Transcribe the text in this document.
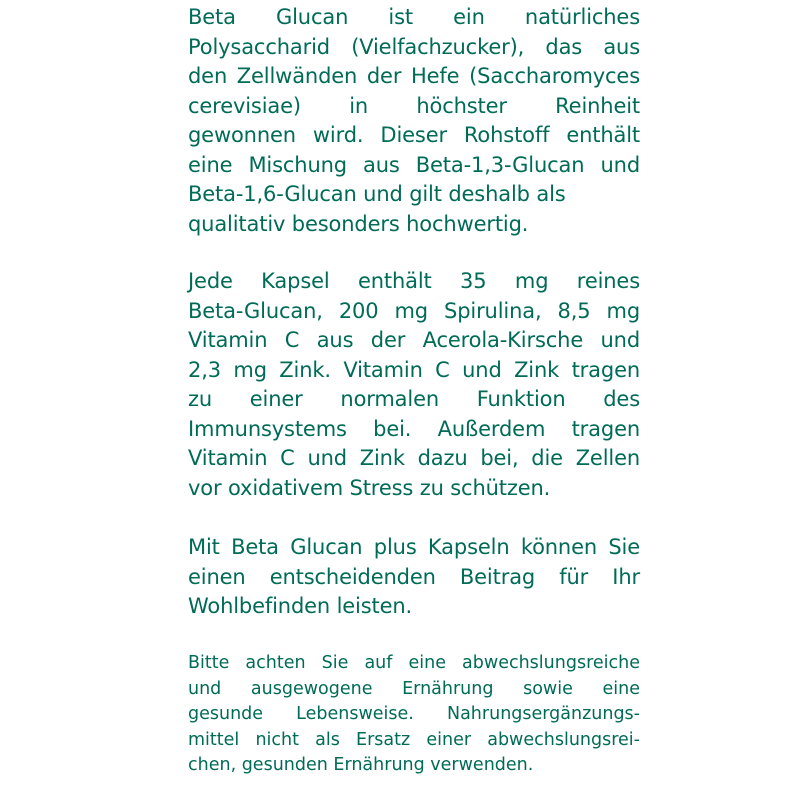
Beta Glucan ist ein natürliches
Polysaccharid (Vielfachzucker), das aus
den Zellwänden der Hefe (Saccharomyces
cerevisiae) in höchster Reinheit
gewonnen wird. Dieser Rohstoff enthält
eine Mischung aus Beta-1,3-Glucan und
Beta-1,6-Glucan und gilt deshalb als
qualitativ besonders hochwertig.
Jede Kapsel enthält 35 mg reines
Beta-Glucan, 200 mg Spirulina, 8,5 mg
Vitamin C aus der Acerola-Kirsche und
2,3 mg Zink. Vitamin C und Zink tragen
zu einer normalen Funktion des
Immunsystems bei. Außerdem tragen
Vitamin C und Zink dazu bei, die Zellen
vor oxidativem Stress zu schützen.
Mit Beta Glucan plus Kapseln können Sie
einen entscheidenden Beitrag für Ihr
Wohlbefinden leisten.
Bitte achten Sie auf eine abwechslungsreiche
und ausgewogene Ernährung sowie eine
gesunde Lebensweise. Nahrungsergänzungs-
mittel nicht als Ersatz einer abwechslungsrei-
chen, gesunden Ernährung verwenden.
